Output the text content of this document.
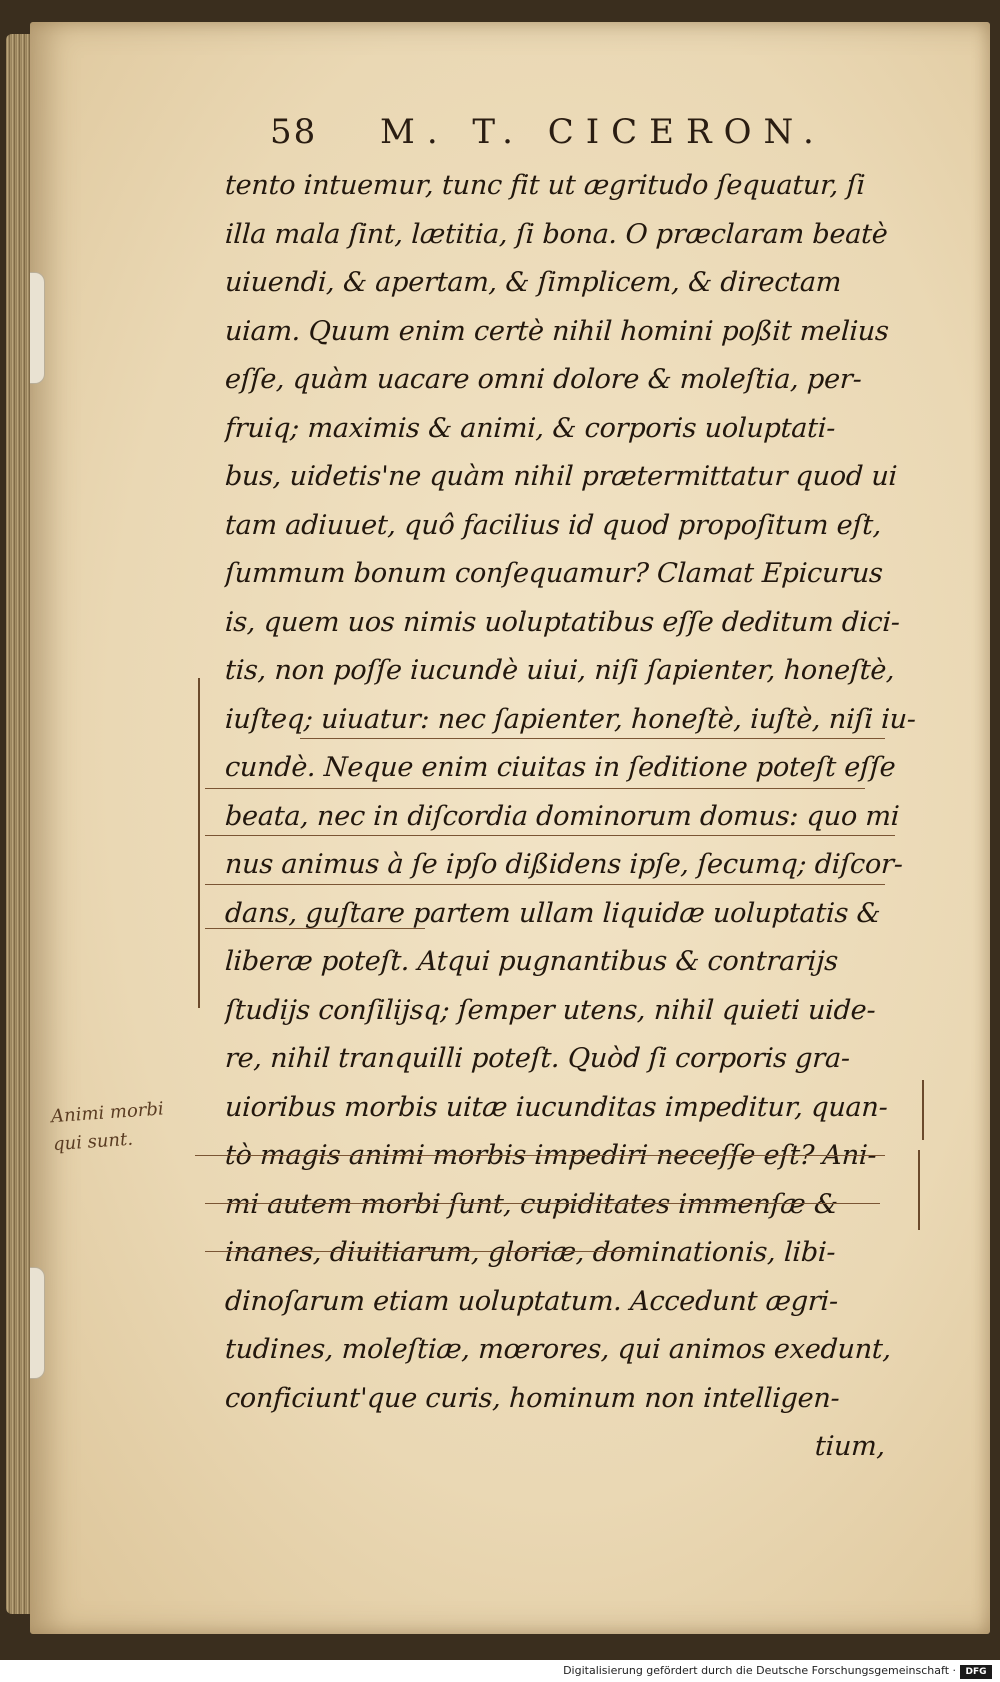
58	M. T. CICERON.
tento intuemur, tunc fit ut ægritudo ſequatur, ſi
illa mala ſint, lætitia, ſi bona. O præclaram beatè
uiuendi, & apertam, & ſimplicem, & directam
uiam. Quum enim certè nihil homini poßit melius
eſſe, quàm uacare omni dolore & moleſtia, per-
fruiq; maximis & animi, & corporis uoluptati-
bus, uidetis'ne quàm nihil prætermittatur quod ui
tam adiuuet, quô facilius id quod propoſitum eſt,
ſummum bonum conſequamur? Clamat Epicurus
is, quem uos nimis uoluptatibus eſſe deditum dici-
tis, non poſſe iucundè uiui, niſi ſapienter, honeſtè,
iuſteq; uiuatur: nec ſapienter, honeſtè, iuſtè, niſi iu-
cundè. Neque enim ciuitas in ſeditione poteſt eſſe
beata, nec in diſcordia dominorum domus: quo mi
nus animus à ſe ipſo dißidens ipſe, ſecumq; diſcor-
dans, guſtare partem ullam liquidæ uoluptatis &
liberæ poteſt. Atqui pugnantibus & contrarijs
ſtudijs conſilijsq; ſemper utens, nihil quieti uide-
re, nihil tranquilli poteſt. Quòd ſi corporis gra-
uioribus morbis uitæ iucunditas impeditur, quan-
tò magis animi morbis impediri neceſſe eſt? Ani-
mi autem morbi ſunt, cupiditates immenſæ &
inanes, diuitiarum, gloriæ, dominationis, libi-
dinoſarum etiam uoluptatum. Accedunt ægri-
tudines, moleſtiæ, mœrores, qui animos exedunt,
conficiunt'que curis, hominum non intelligen-
tium,
Animi morbi
qui sunt.
Digitalisierung gefördert durch die Deutsche Forschungsgemeinschaft ·	DFG
